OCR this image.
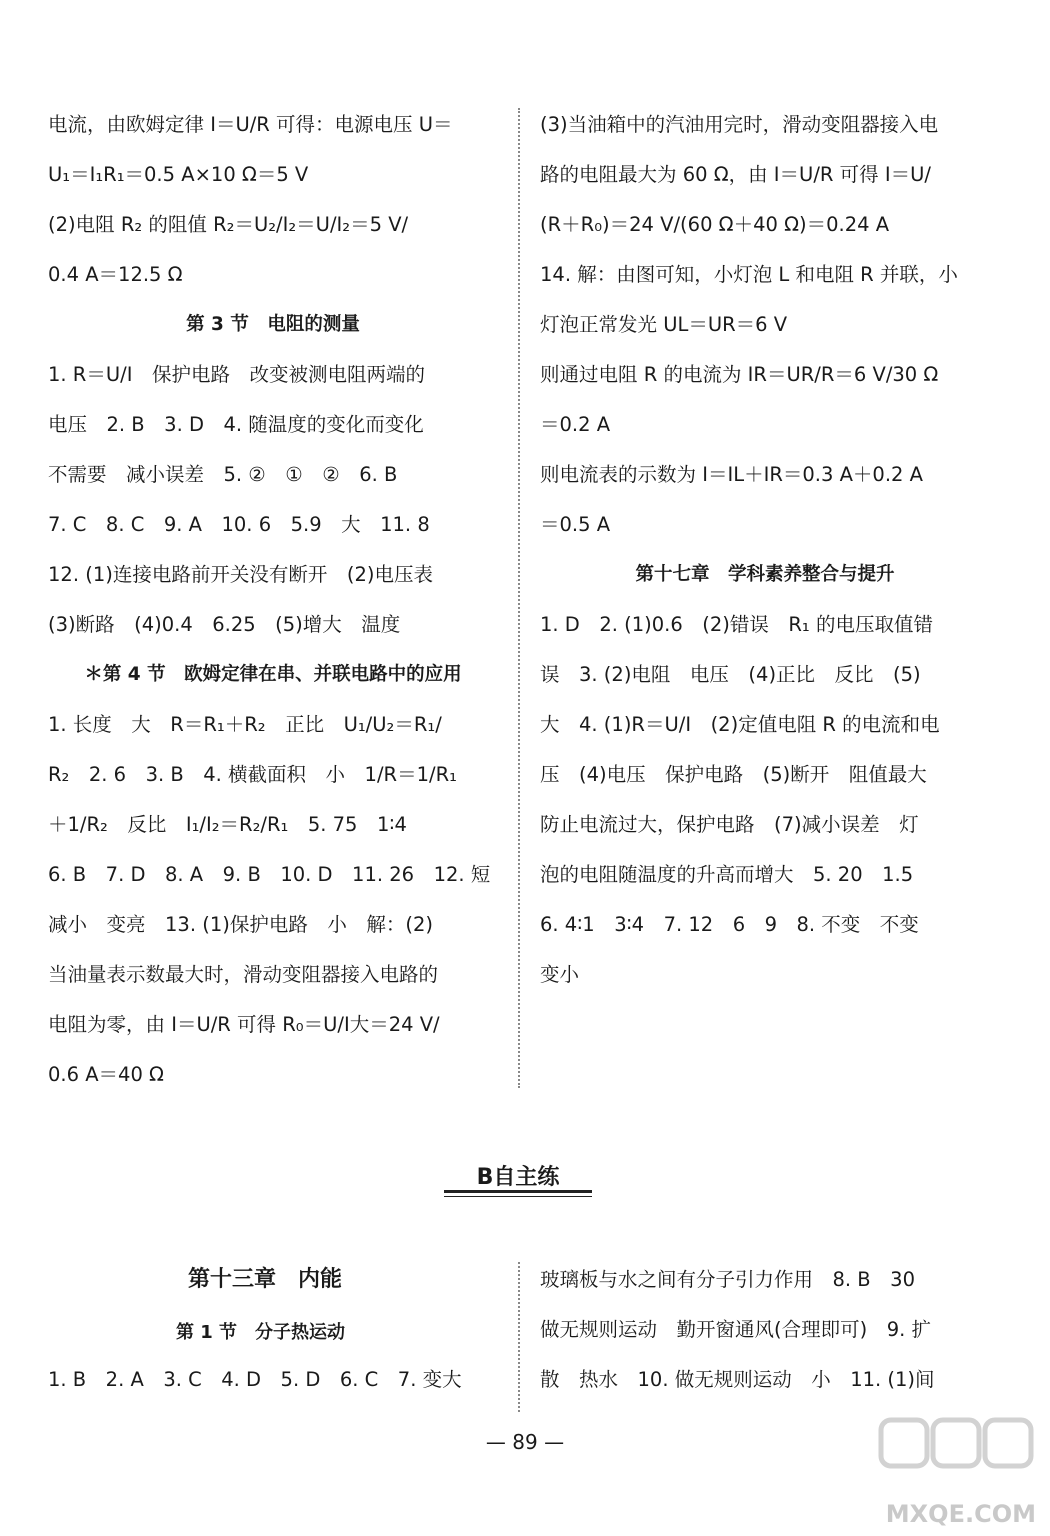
电流，由欧姆定律 I＝U/R 可得：电源电压 U＝
U₁＝I₁R₁＝0.5 A×10 Ω＝5 V
(2)电阻 R₂ 的阻值 R₂＝U₂/I₂＝U/I₂＝5 V/
0.4 A＝12.5 Ω
第 3 节　电阻的测量
1. R＝U/I　保护电路　改变被测电阻两端的
电压　2. B　3. D　4. 随温度的变化而变化
不需要　减小误差　5. ②　①　②　6. B
7. C　8. C　9. A　10. 6　5.9　大　11. 8
12. (1)连接电路前开关没有断开　(2)电压表
(3)断路　(4)0.4　6.25　(5)增大　温度
＊第 4 节　欧姆定律在串、并联电路中的应用
1. 长度　大　R＝R₁＋R₂　正比　U₁/U₂＝R₁/
R₂　2. 6　3. B　4. 横截面积　小　1/R＝1/R₁
＋1/R₂　反比　I₁/I₂＝R₂/R₁　5. 75　1∶4
6. B　7. D　8. A　9. B　10. D　11. 26　12. 短
减小　变亮　13. (1)保护电路　小　解：(2)
当油量表示数最大时，滑动变阻器接入电路的
电阻为零，由 I＝U/R 可得 R₀＝U/I大＝24 V/
0.6 A＝40 Ω
(3)当油箱中的汽油用完时，滑动变阻器接入电
路的电阻最大为 60 Ω，由 I＝U/R 可得 I＝U/
(R＋R₀)＝24 V/(60 Ω＋40 Ω)＝0.24 A
14. 解：由图可知，小灯泡 L 和电阻 R 并联，小
灯泡正常发光 UL＝UR＝6 V
则通过电阻 R 的电流为 IR＝UR/R＝6 V/30 Ω
＝0.2 A
则电流表的示数为 I＝IL＋IR＝0.3 A＋0.2 A
＝0.5 A
第十七章　学科素养整合与提升
1. D　2. (1)0.6　(2)错误　R₁ 的电压取值错
误　3. (2)电阻　电压　(4)正比　反比　(5)
大　4. (1)R＝U/I　(2)定值电阻 R 的电流和电
压　(4)电压　保护电路　(5)断开　阻值最大
防止电流过大，保护电路　(7)减小误差　灯
泡的电阻随温度的升高而增大　5. 20　1.5
6. 4∶1　3∶4　7. 12　6　9　8. 不变　不变
变小
B自主练
第十三章　内能
第 1 节　分子热运动
1. B　2. A　3. C　4. D　5. D　6. C　7. 变大
玻璃板与水之间有分子引力作用　8. B　30
做无规则运动　勤开窗通风(合理即可)　9. 扩
散　热水　10. 做无规则运动　小　11. (1)间
— 89 —
MXQE.COM
